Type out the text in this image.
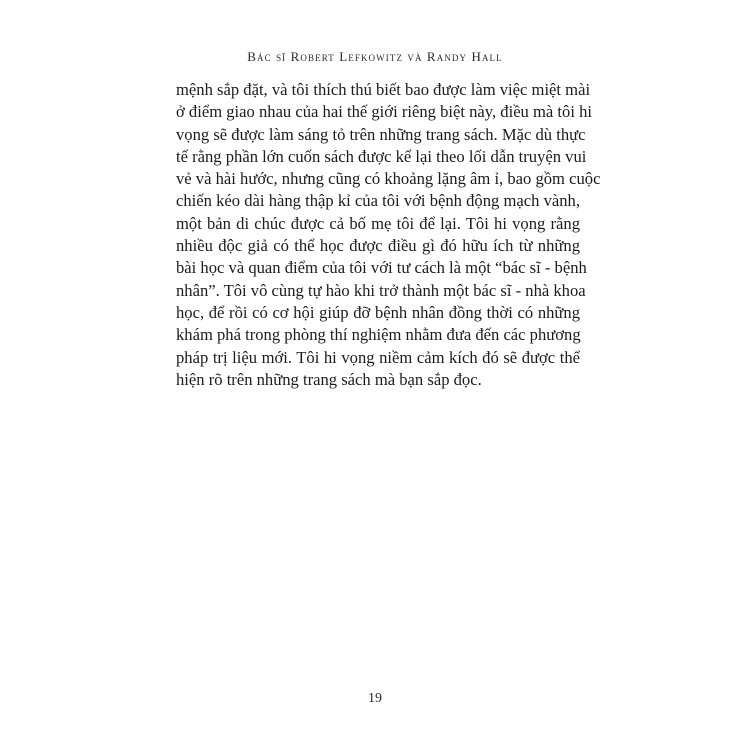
Bác sĩ Robert Lefkowitz và Randy Hall

mệnh sắp đặt, và tôi thích thú biết bao được làm việc miệt mài
ở điểm giao nhau của hai thế giới riêng biệt này, điều mà tôi hi
vọng sẽ được làm sáng tỏ trên những trang sách. Mặc dù thực
tế rằng phần lớn cuốn sách được kể lại theo lối dẫn truyện vui
vẻ và hài hước, nhưng cũng có khoảng lặng âm ỉ, bao gồm cuộc
chiến kéo dài hàng thập kỉ của tôi với bệnh động mạch vành,
một bản di chúc được cả bố mẹ tôi để lại. Tôi hi vọng rằng
nhiều độc giả có thể học được điều gì đó hữu ích từ những
bài học và quan điểm của tôi với tư cách là một “bác sĩ - bệnh
nhân”. Tôi vô cùng tự hào khi trở thành một bác sĩ - nhà khoa
học, để rồi có cơ hội giúp đỡ bệnh nhân đồng thời có những
khám phá trong phòng thí nghiệm nhằm đưa đến các phương
pháp trị liệu mới. Tôi hi vọng niềm cảm kích đó sẽ được thể
hiện rõ trên những trang sách mà bạn sắp đọc.

19
